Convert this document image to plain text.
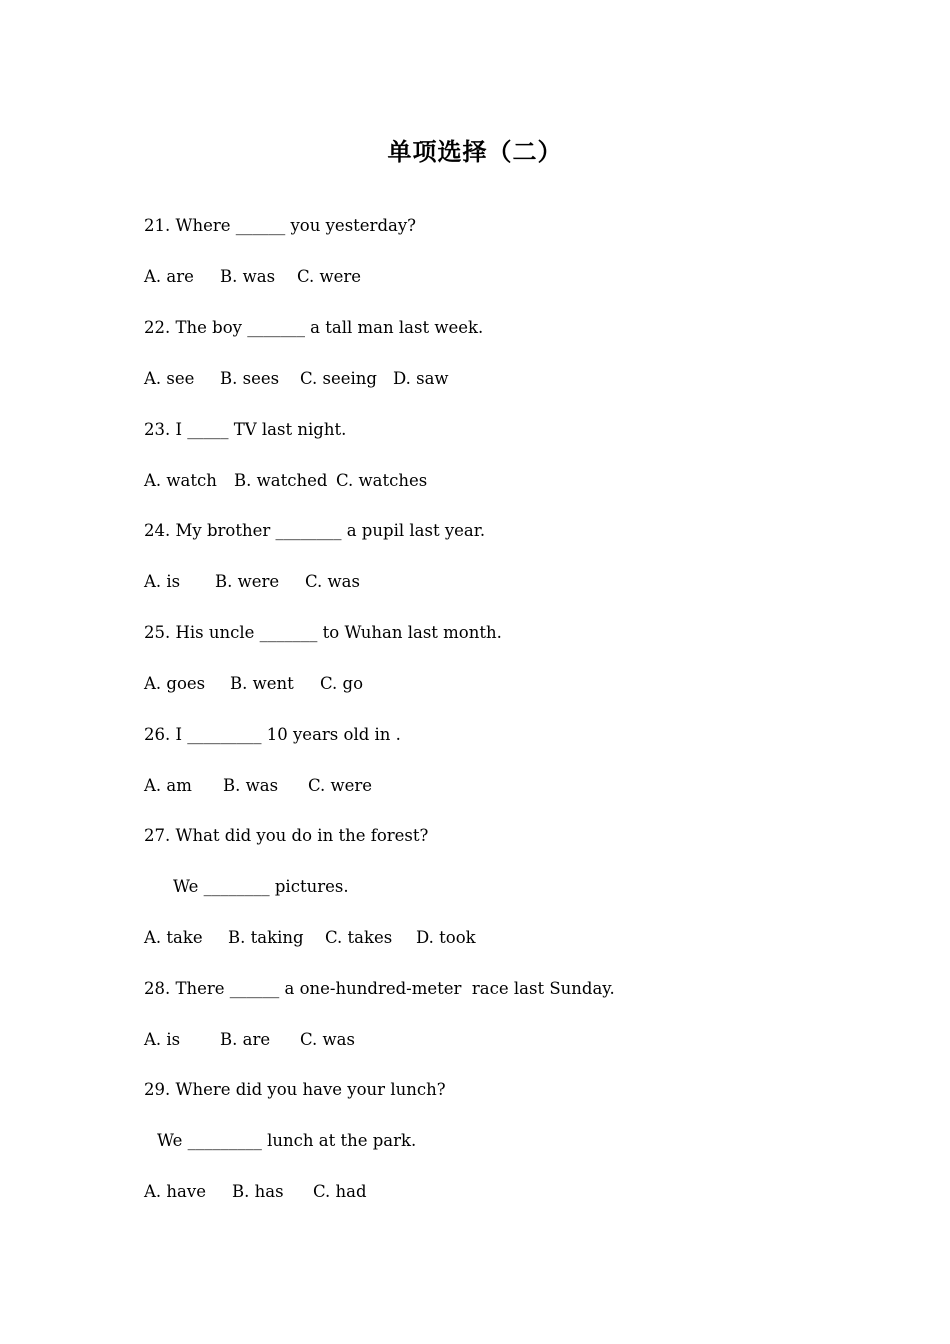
单项选择（二）
21. Where ______ you yesterday?

A. are

B. was

C. were

22. The boy _______ a tall man last week.

A. see

B. sees

C. seeing

D. saw

23. I _____ TV last night.

A. watch

B. watched

C. watches

24. My brother ________ a pupil last year.

A. is

B. were

C. was

25. His uncle _______ to Wuhan last month.

A. goes

B. went

C. go

26. I _________ 10 years old in .

A. am

B. was

C. were

27. What did you do in the forest?
We ________ pictures.

A. take

B. taking

C. takes

D. took

28. There ______ a one-hundred-meter  race last Sunday.

A. is

B. are

C. was

29. Where did you have your lunch?
We _________ lunch at the park.

A. have

B. has

C. had
